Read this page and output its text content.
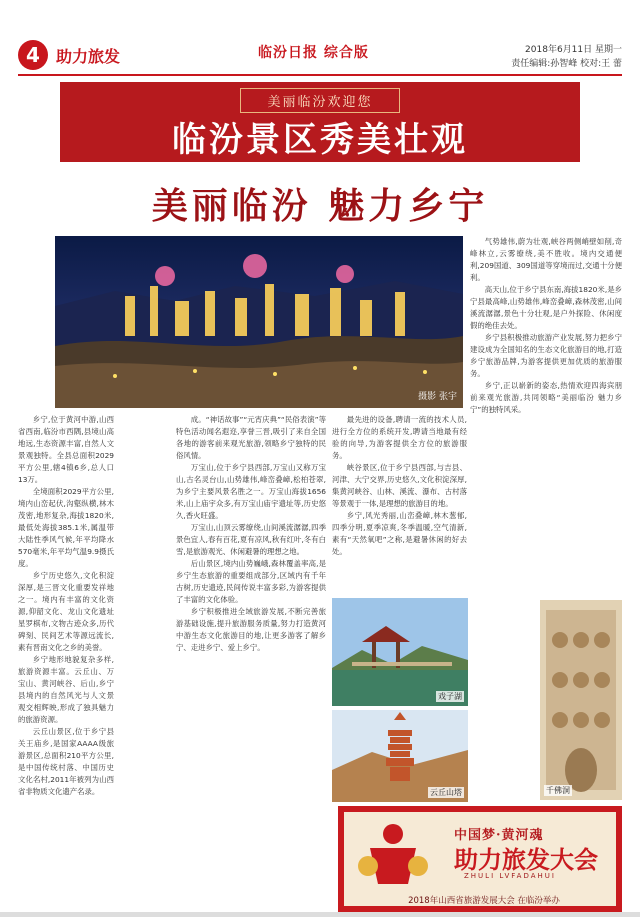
4	助力旅发	临汾日报 综合版	2018年6月11日 星期一
责任编辑:孙智峰 校对:王 蕾
美丽临汾欢迎您
临汾景区秀美壮观
美丽临汾 魅力乡宁
摄影 张宇

乡宁,位于黄河中游,山西省西南,临汾市西隅,县境山高地远,生态资源丰富,自然人文景观独特。全县总面积2029平方公里,辖4镇6乡,总人口13万。

全境面积2029平方公里,境内山峦起伏,沟壑纵横,林木茂密,地形复杂,海拔1820米,最低处海拔385.1米,属温带大陆性季风气候,年平均降水570毫米,年平均气温9.9摄氏度。

乡宁历史悠久,文化积淀深厚,是三晋文化重要发祥地之一。境内有丰富的文化资源,仰韶文化、龙山文化遗址星罗棋布,文物古迹众多,历代碑刻、民间艺术等源远流长,素有晋南文化之乡的美誉。

乡宁地形地貌复杂多样,旅游资源丰富。云丘山、万宝山、黄河峡谷、后山,乡宁县境内的自然风光与人文景观交相辉映,形成了独具魅力的旅游资源。

云丘山景区,位于乡宁县关王庙乡,是国家AAAA级旅游景区,总面积210平方公里,是中国传统村落、中国历史文化名村,2011年被列为山西省非物质文化遗产名录。

成。“神话故事”“元宵庆典”“民俗表演”等特色活动闻名遐迩,享誉三晋,吸引了来自全国各地的游客前来观光旅游,领略乡宁独特的民俗风情。

万宝山,位于乡宁县西部,万宝山又称万宝山,古名灵台山,山势雄伟,峰峦叠嶂,松柏苍翠,为乡宁主要风景名胜之一。万宝山海拔1656米,山上庙宇众多,有万宝山庙宇遗址等,历史悠久,香火旺盛。

万宝山,山顶云雾缭绕,山间溪流潺潺,四季景色宜人,春有百花,夏有凉风,秋有红叶,冬有白雪,是旅游观光、休闲避暑的理想之地。

后山景区,境内山势巍峨,森林覆盖率高,是乡宁生态旅游的重要组成部分,区域内有千年古树,历史遗迹,民间传说丰富多彩,为游客提供了丰富的文化体验。

乡宁积极推进全域旅游发展,不断完善旅游基础设施,提升旅游服务质量,努力打造黄河中游生态文化旅游目的地,让更多游客了解乡宁、走进乡宁、爱上乡宁。

最先进的设备,聘请一流的技术人员,进行全方位的系统开发,聘请当地最有经验的向导,为游客提供全方位的旅游服务。

峡谷景区,位于乡宁县西部,与吉县、河津、大宁交界,历史悠久,文化积淀深厚,集黄河峡谷、山林、溪流、瀑布、古村落等景观于一体,是理想的旅游目的地。

乡宁,风光秀丽,山峦叠嶂,林木葱郁,四季分明,夏季凉爽,冬季温暖,空气清新,素有“天然氧吧”之称,是避暑休闲的好去处。

气势雄伟,蔚为壮观,峡谷两侧峭壁如削,奇峰林立,云雾缭绕,美不胜收。境内交通便利,209国道、309国道等穿境而过,交通十分便利。

高天山,位于乡宁县东南,海拔1820米,是乡宁县最高峰,山势雄伟,峰峦叠嶂,森林茂密,山间溪流潺潺,景色十分壮观,是户外探险、休闲度假的绝佳去处。

乡宁县积极推动旅游产业发展,努力把乡宁建设成为全国知名的生态文化旅游目的地,打造乡宁旅游品牌,为游客提供更加优质的旅游服务。

乡宁,正以崭新的姿态,热情欢迎四海宾朋前来观光旅游,共同领略“美丽临汾 魅力乡宁”的独特风采。

戏子湖
云丘山塔	千佛洞
中国梦·黄河魂
助力旅发大会
ZHULI LVFADAHUI
2018年山西省旅游发展大会 在临汾举办
